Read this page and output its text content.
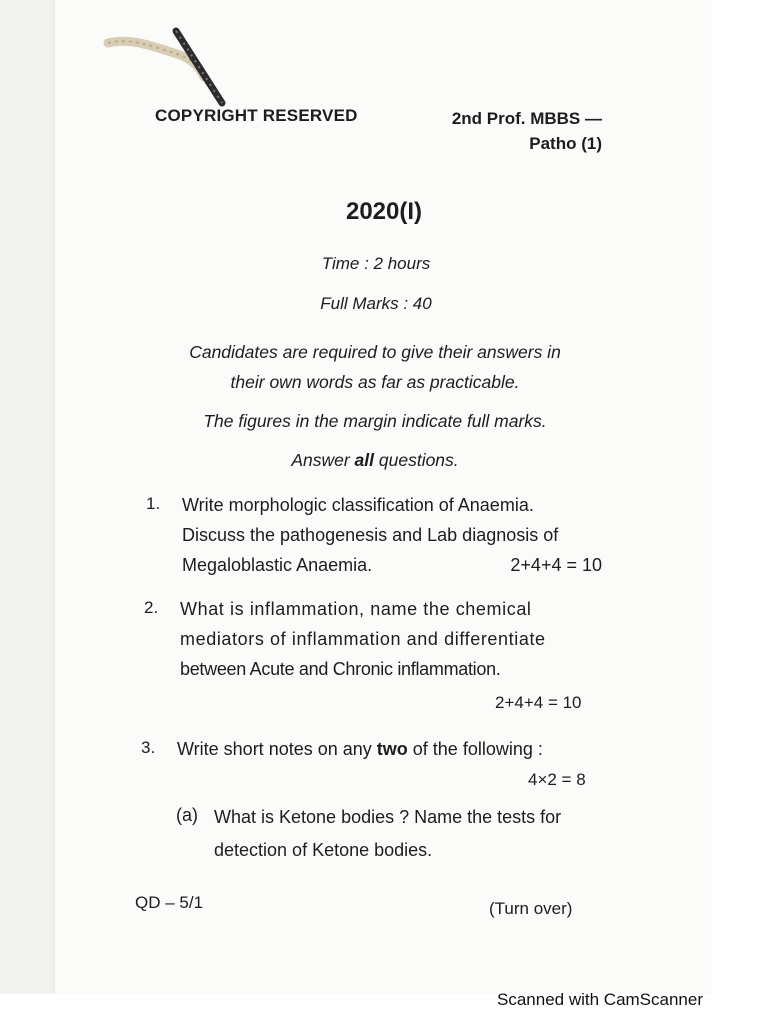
COPYRIGHT RESERVED	2nd Prof. MBBS —
Patho (1)
2020(I)
Time : 2 hours
Full Marks : 40
Candidates are required to give their answers in
their own words as far as practicable.
The figures in the margin indicate full marks.
Answer all questions.
1. Write morphologic classification of Anaemia.
Discuss the pathogenesis and Lab diagnosis of
Megaloblastic Anaemia.	2+4+4 = 10
2. What is inflammation, name the chemical
mediators of inflammation and differentiate
between Acute and Chronic inflammation.
2+4+4 = 10
3. Write short notes on any two of the following :
4×2 = 8
(a) What is Ketone bodies ? Name the tests for
detection of Ketone bodies.
QD – 5/1	(Turn over)
Scanned with CamScanner
